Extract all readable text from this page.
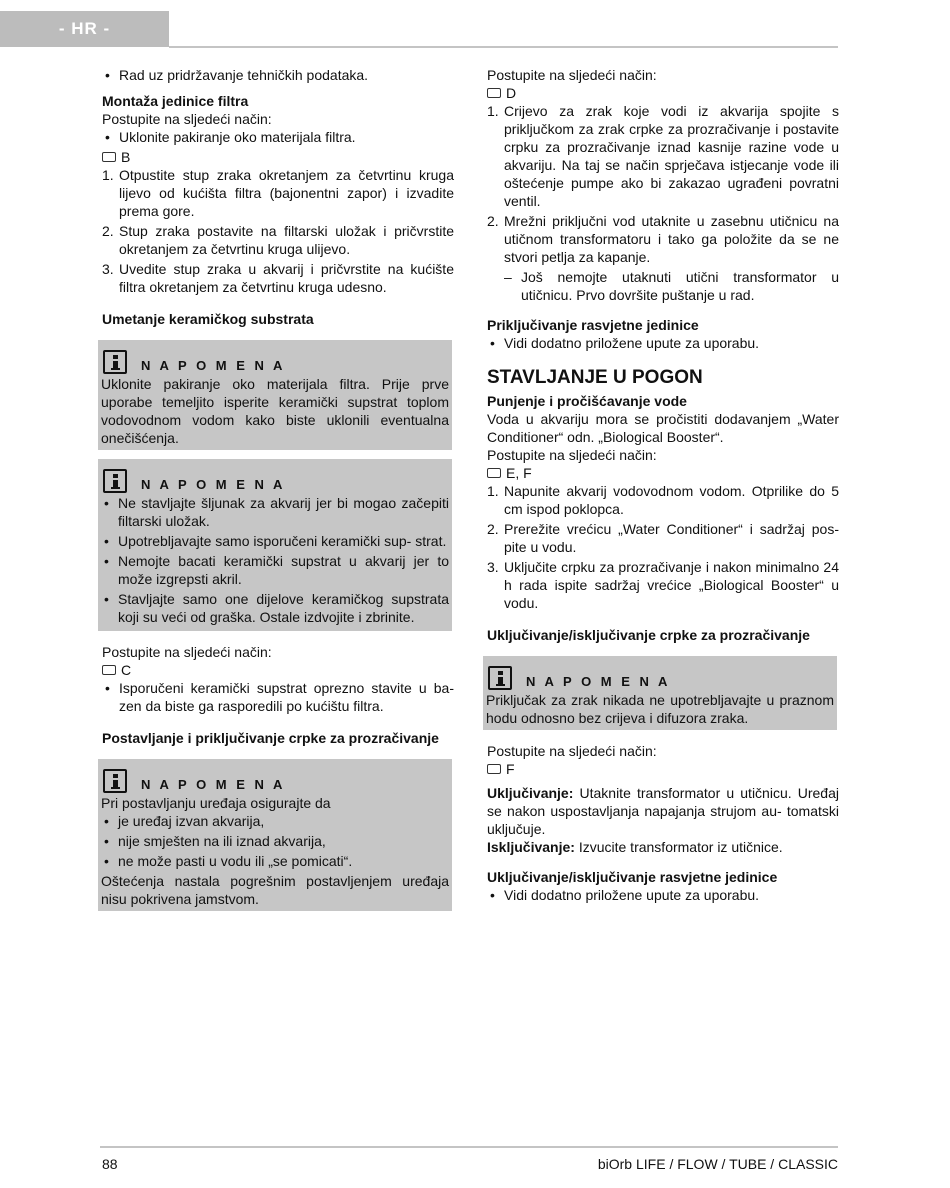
- HR -
• Rad uz pridržavanje tehničkih podataka.

Montaža jedinice filtra

Postupite na sljedeći način:

• Uklonite pakiranje oko materijala filtra.
B
1. Otpustite stup zraka okretanjem za četvrtinu kruga lijevo od kućišta filtra (bajonentni zapor) i izvadite prema gore.
2. Stup zraka postavite na filtarski uložak i pričvrstite okretanjem za četvrtinu kruga ulijevo.
3. Uvedite stup zraka u akvarij i pričvrstite na kućište filtra okretanjem za četvrtinu kruga udesno.

Umetanje keramičkog substrata

N A P O M E N A

Uklonite pakiranje oko materijala filtra. Prije prve uporabe temeljito isperite keramički supstrat toplom vodovodnom vodom kako biste uklonili eventualna onečišćenja.

N A P O M E N A
• Ne stavljajte šljunak za akvarij jer bi mogao začepiti filtarski uložak.
• Upotrebljavajte samo isporučeni keramički sup- strat.
• Nemojte bacati keramički supstrat u akvarij jer to može izgrepsti akril.
• Stavljajte samo one dijelove keramičkog supstrata koji su veći od graška. Ostale izdvojite i zbrinite.

Postupite na sljedeći način:

C
• Isporučeni keramički supstrat oprezno stavite u ba- zen da biste ga rasporedili po kućištu filtra.

Postavljanje i priključivanje crpke za prozračivanje

N A P O M E N A

Pri postavljanju uređaja osigurajte da

• je uređaj izvan akvarija,
• nije smješten na ili iznad akvarija,
• ne može pasti u vodu ili „se pomicati“.

Oštećenja nastala pogrešnim postavljenjem uređaja nisu pokrivena jamstvom.

Postupite na sljedeći način:

D
1. Crijevo za zrak koje vodi iz akvarija spojite s priključkom za zrak crpke za prozračivanje i postavite crpku za prozračivanje iznad kasnije razine vode u akvariju. Na taj se način sprječava istjecanje vode ili oštećenje pumpe ako bi zakazao ugrađeni povratni ventil.
2. Mrežni priključni vod utaknite u zasebnu utičnicu na utičnom transformatoru i tako ga položite da se ne stvori petlja za kapanje.
– Još nemojte utaknuti utični transformator u utičnicu. Prvo dovršite puštanje u rad.

Priključivanje rasvjetne jedinice

• Vidi dodatno priložene upute za uporabu.

STAVLJANJE U POGON

Punjenje i pročišćavanje vode

Voda u akvariju mora se pročistiti dodavanjem „Water Conditioner“ odn. „Biological Booster“.

Postupite na sljedeći način:

E, F
1. Napunite akvarij vodovodnom vodom. Otprilike do 5 cm ispod poklopca.
2. Prerežite vrećicu „Water Conditioner“ i sadržaj pos- pite u vodu.
3. Uključite crpku za prozračivanje i nakon minimalno 24 h rada ispite sadržaj vrećice „Biological Booster“ u vodu.

Uključivanje/isključivanje crpke za prozračivanje

N A P O M E N A

Priključak za zrak nikada ne upotrebljavajte u praznom hodu odnosno bez crijeva i difuzora zraka.

Postupite na sljedeći način:

F

Uključivanje: Utaknite transformator u utičnicu. Uređaj se nakon uspostavljanja napajanja strujom au- tomatski uključuje.

Isključivanje: Izvucite transformator iz utičnice.

Uključivanje/isključivanje rasvjetne jedinice

• Vidi dodatno priložene upute za uporabu.
88	biOrb LIFE / FLOW / TUBE / CLASSIC
